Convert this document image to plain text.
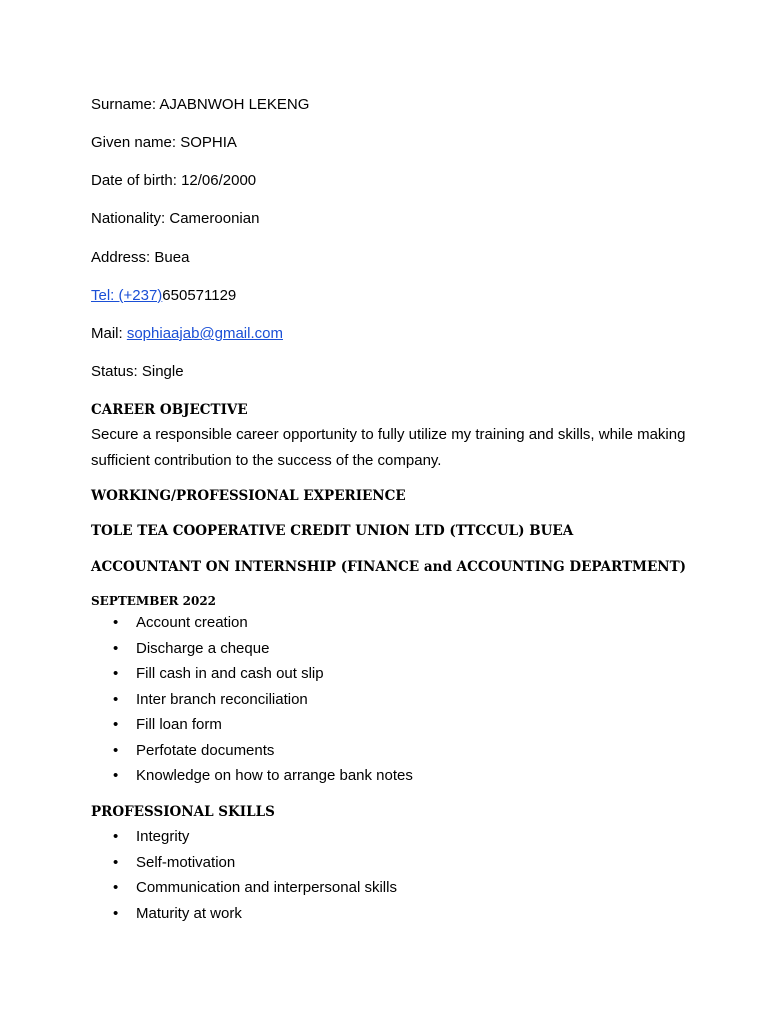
Surname: AJABNWOH LEKENG
Given name: SOPHIA
Date of birth: 12/06/2000
Nationality: Cameroonian
Address: Buea
Tel: (+237)650571129
Mail: sophiaajab@gmail.com
Status: Single
CAREER OBJECTIVE
Secure a responsible career opportunity to fully utilize my training and skills, while making sufficient contribution to the success of the company.
WORKING/PROFESSIONAL EXPERIENCE
TOLE TEA COOPERATIVE CREDIT UNION LTD (TTCCUL) BUEA
ACCOUNTANT ON INTERNSHIP (FINANCE and ACCOUNTING DEPARTMENT)
SEPTEMBER 2022
• Account creation
• Discharge a cheque
• Fill cash in and cash out slip
• Inter branch reconciliation
• Fill loan form
• Perfotate documents
• Knowledge on how to arrange bank notes
PROFESSIONAL SKILLS
• Integrity
• Self-motivation
• Communication and interpersonal skills
• Maturity at work
